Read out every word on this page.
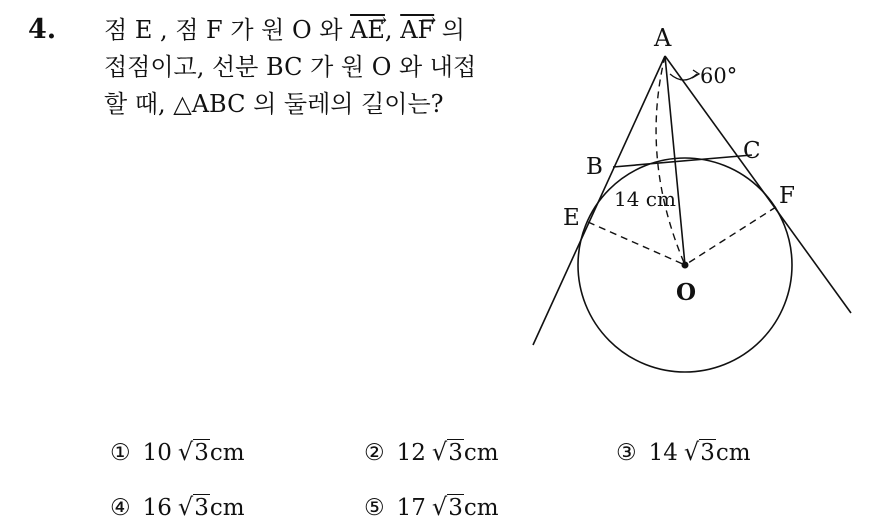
4. 점 E , 점 F 가 원 O 와 $\overline{AE}$ →, $\overline{AF}$ → 의
접점이고, 선분 BC 가 원 O 와 내접
할 때, △ABC 의 둘레의 길이는?
A
60°
B
C
14 cm	F
E
O
① 10 √3cm	② 12 √3cm	③ 14 √3cm
④ 16 √3cm	⑤ 17 √3cm
